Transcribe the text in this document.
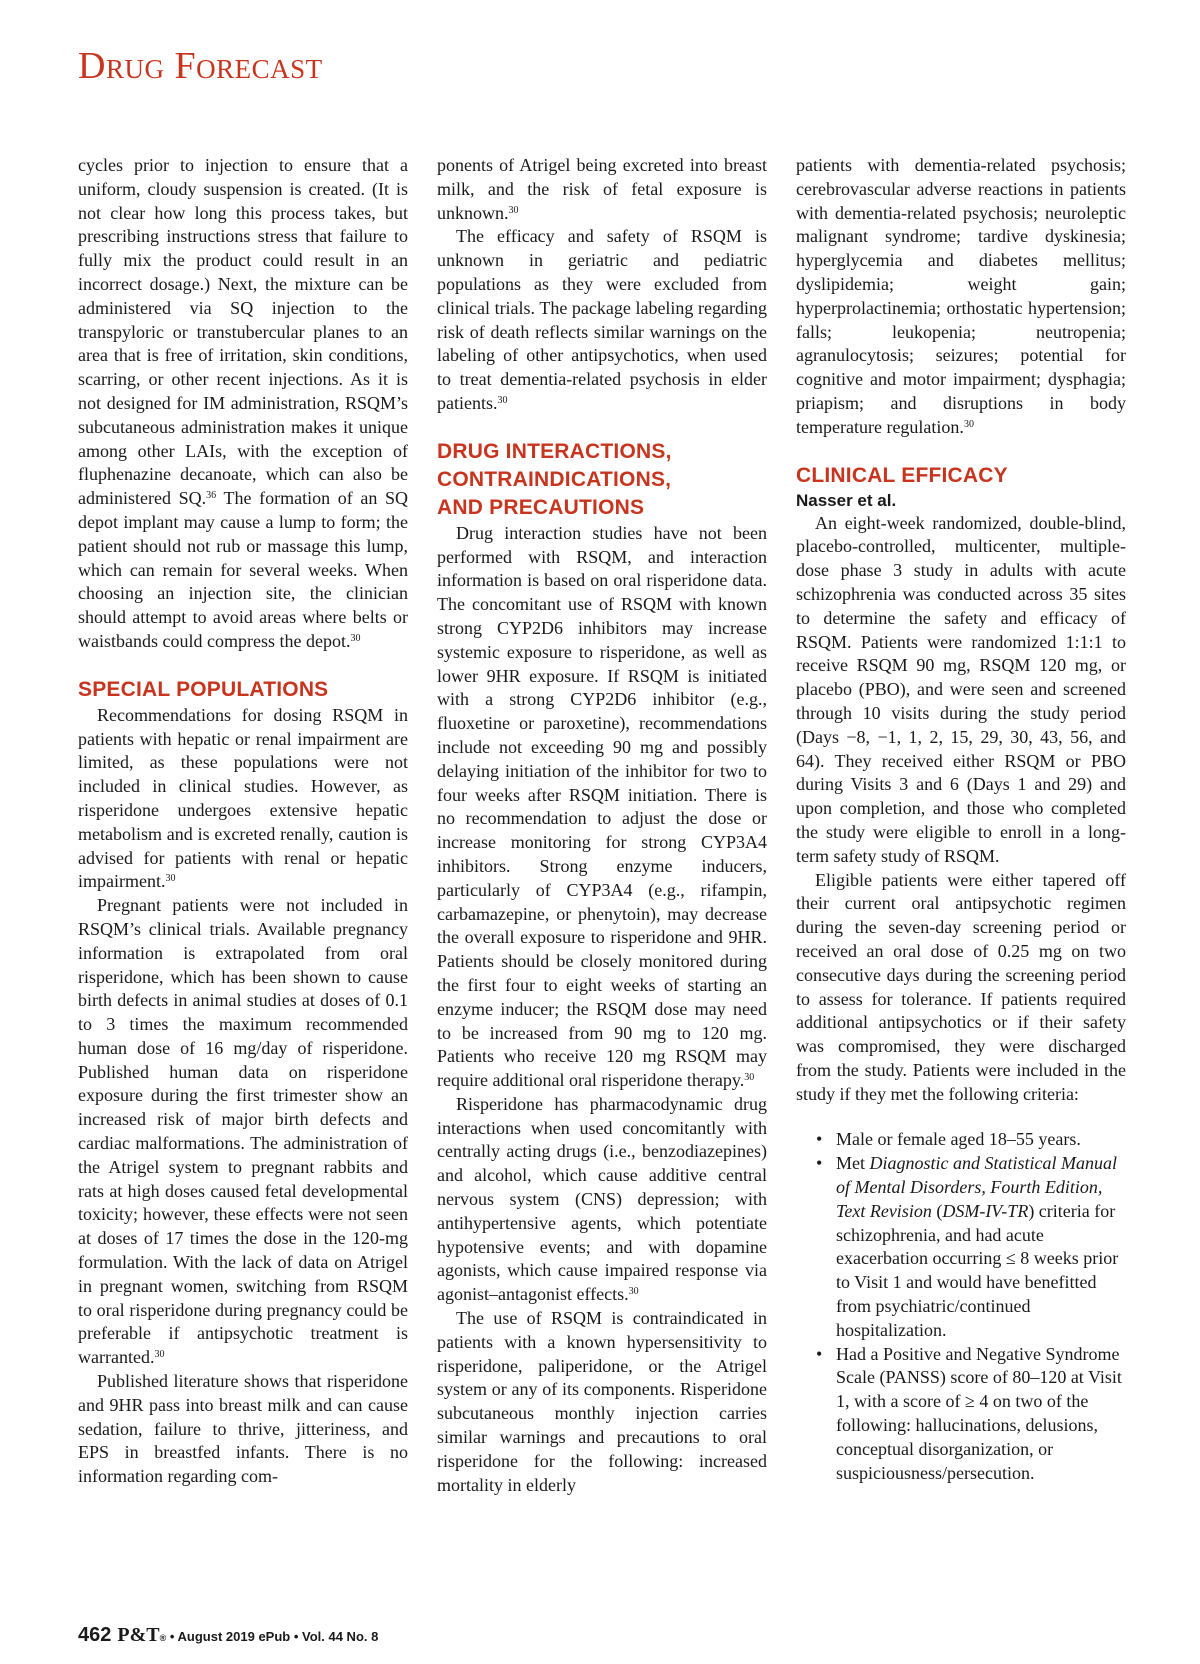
Drug Forecast

cycles prior to injection to ensure that a uniform, cloudy suspension is created. (It is not clear how long this process takes, but prescribing instructions stress that failure to fully mix the product could result in an incorrect dosage.) Next, the mixture can be administered via SQ injection to the transpyloric or transtubercular planes to an area that is free of irritation, skin conditions, scarring, or other recent injections. As it is not designed for IM administration, RSQM’s subcutaneous administration makes it unique among other LAIs, with the exception of fluphenazine decanoate, which can also be administered SQ.$^{36}$ The formation of an SQ depot implant may cause a lump to form; the patient should not rub or massage this lump, which can remain for several weeks. When choosing an injection site, the clinician should attempt to avoid areas where belts or waistbands could compress the depot.$^{30}$

SPECIAL POPULATIONS

Recommendations for dosing RSQM in patients with hepatic or renal impairment are limited, as these populations were not included in clinical studies. However, as risperidone undergoes extensive hepatic metabolism and is excreted renally, caution is advised for patients with renal or hepatic impairment.$^{30}$

Pregnant patients were not included in RSQM’s clinical trials. Available pregnancy information is extrapolated from oral risperidone, which has been shown to cause birth defects in animal studies at doses of 0.1 to 3 times the maximum recommended human dose of 16 mg/day of risperidone. Published human data on risperidone exposure during the first trimester show an increased risk of major birth defects and cardiac malformations. The administration of the Atrigel system to pregnant rabbits and rats at high doses caused fetal developmental toxicity; however, these effects were not seen at doses of 17 times the dose in the 120-mg formulation. With the lack of data on Atrigel in pregnant women, switching from RSQM to oral risperidone during pregnancy could be preferable if antipsychotic treatment is warranted.$^{30}$

Published literature shows that risperidone and 9HR pass into breast milk and can cause sedation, failure to thrive, jitteriness, and EPS in breastfed infants. There is no information regarding com-

ponents of Atrigel being excreted into breast milk, and the risk of fetal exposure is unknown.$^{30}$

The efficacy and safety of RSQM is unknown in geriatric and pediatric populations as they were excluded from clinical trials. The package labeling regarding risk of death reflects similar warnings on the labeling of other antipsychotics, when used to treat dementia-related psychosis in elder patients.$^{30}$

DRUG INTERACTIONS,
CONTRAINDICATIONS,
AND PRECAUTIONS

Drug interaction studies have not been performed with RSQM, and interaction information is based on oral risperidone data. The concomitant use of RSQM with known strong CYP2D6 inhibitors may increase systemic exposure to risperidone, as well as lower 9HR exposure. If RSQM is initiated with a strong CYP2D6 inhibitor (e.g., fluoxetine or paroxetine), recommendations include not exceeding 90 mg and possibly delaying initiation of the inhibitor for two to four weeks after RSQM initiation. There is no recommendation to adjust the dose or increase monitoring for strong CYP3A4 inhibitors. Strong enzyme inducers, particularly of CYP3A4 (e.g., rifampin, carbamazepine, or phenytoin), may decrease the overall exposure to risperidone and 9HR. Patients should be closely monitored during the first four to eight weeks of starting an enzyme inducer; the RSQM dose may need to be increased from 90 mg to 120 mg. Patients who receive 120 mg RSQM may require additional oral risperidone therapy.$^{30}$

Risperidone has pharmacodynamic drug interactions when used concomitantly with centrally acting drugs (i.e., benzodiazepines) and alcohol, which cause additive central nervous system (CNS) depression; with antihypertensive agents, which potentiate hypotensive events; and with dopamine agonists, which cause impaired response via agonist–antagonist effects.$^{30}$

The use of RSQM is contraindicated in patients with a known hypersensitivity to risperidone, paliperidone, or the Atrigel system or any of its components. Risperidone subcutaneous monthly injection carries similar warnings and precautions to oral risperidone for the following: increased mortality in elderly

patients with dementia-related psychosis; cerebrovascular adverse reactions in patients with dementia-related psychosis; neuroleptic malignant syndrome; tardive dyskinesia; hyperglycemia and diabetes mellitus; dyslipidemia; weight gain; hyperprolactinemia; orthostatic hypertension; falls; leukopenia; neutropenia; agranulocytosis; seizures; potential for cognitive and motor impairment; dysphagia; priapism; and disruptions in body temperature regulation.$^{30}$

CLINICAL EFFICACY
Nasser et al.

An eight-week randomized, double-blind, placebo-controlled, multicenter, multiple-dose phase 3 study in adults with acute schizophrenia was conducted across 35 sites to determine the safety and efficacy of RSQM. Patients were randomized 1:1:1 to receive RSQM 90 mg, RSQM 120 mg, or placebo (PBO), and were seen and screened through 10 visits during the study period (Days −8, −1, 1, 2, 15, 29, 30, 43, 56, and 64). They received either RSQM or PBO during Visits 3 and 6 (Days 1 and 29) and upon completion, and those who completed the study were eligible to enroll in a long-term safety study of RSQM.

Eligible patients were either tapered off their current oral antipsychotic regimen during the seven-day screening period or received an oral dose of 0.25 mg on two consecutive days during the screening period to assess for tolerance. If patients required additional antipsychotics or if their safety was compromised, they were discharged from the study. Patients were included in the study if they met the following criteria:

• Male or female aged 18–55 years.
• Met Diagnostic and Statistical Manual of Mental Disorders, Fourth Edition, Text Revision (DSM-IV-TR) criteria for schizophrenia, and had acute exacerbation occurring ≤ 8 weeks prior to Visit 1 and would have benefitted from psychiatric/continued hospitalization.
• Had a Positive and Negative Syndrome Scale (PANSS) score of 80–120 at Visit 1, with a score of ≥ 4 on two of the following: hallucinations, delusions, conceptual disorganization, or suspiciousness/persecution.
462 P&T® • August 2019 ePub • Vol. 44 No. 8
